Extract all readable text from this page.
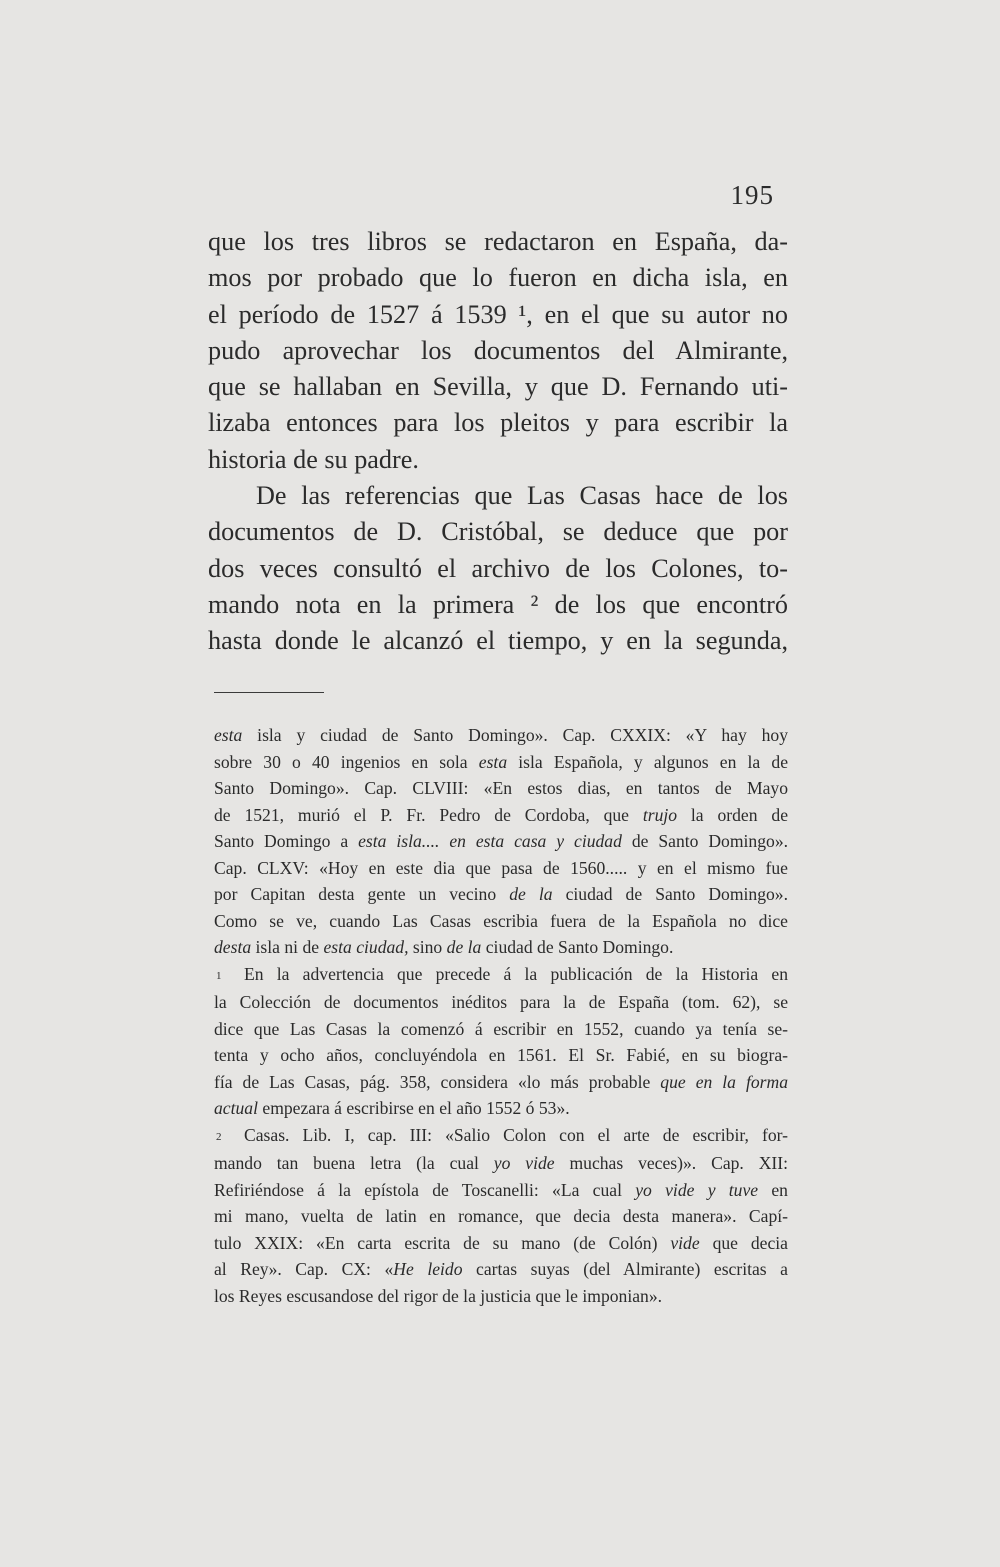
195
que los tres libros se redactaron en España, da-
mos por probado que lo fueron en dicha isla, en
el período de 1527 á 1539 ¹, en el que su autor no
pudo aprovechar los documentos del Almirante,
que se hallaban en Sevilla, y que D. Fernando uti-
lizaba entonces para los pleitos y para escribir la
historia de su padre.
De las referencias que Las Casas hace de los
documentos de D. Cristóbal, se deduce que por
dos veces consultó el archivo de los Colones, to-
mando nota en la primera ² de los que encontró
hasta donde le alcanzó el tiempo, y en la segunda,
esta isla y ciudad de Santo Domingo». Cap. CXXIX: «Y hay hoy
sobre 30 o 40 ingenios en sola esta isla Española, y algunos en la de
Santo Domingo». Cap. CLVIII: «En estos dias, en tantos de Mayo
de 1521, murió el P. Fr. Pedro de Cordoba, que trujo la orden de
Santo Domingo a esta isla.... en esta casa y ciudad de Santo Domingo».
Cap. CLXV: «Hoy en este dia que pasa de 1560..... y en el mismo fue
por Capitan desta gente un vecino de la ciudad de Santo Domingo».
Como se ve, cuando Las Casas escribia fuera de la Española no dice
desta isla ni de esta ciudad, sino de la ciudad de Santo Domingo.
1 En la advertencia que precede á la publicación de la Historia en
la Colección de documentos inéditos para la de España (tom. 62), se
dice que Las Casas la comenzó á escribir en 1552, cuando ya tenía se-
tenta y ocho años, concluyéndola en 1561. El Sr. Fabié, en su biogra-
fía de Las Casas, pág. 358, considera «lo más probable que en la forma
actual empezara á escribirse en el año 1552 ó 53».
2 Casas. Lib. I, cap. III: «Salio Colon con el arte de escribir, for-
mando tan buena letra (la cual yo vide muchas veces)». Cap. XII:
Refiriéndose á la epístola de Toscanelli: «La cual yo vide y tuve en
mi mano, vuelta de latin en romance, que decia desta manera». Capí-
tulo XXIX: «En carta escrita de su mano (de Colón) vide que decia
al Rey». Cap. CX: «He leido cartas suyas (del Almirante) escritas a
los Reyes escusandose del rigor de la justicia que le imponian».
